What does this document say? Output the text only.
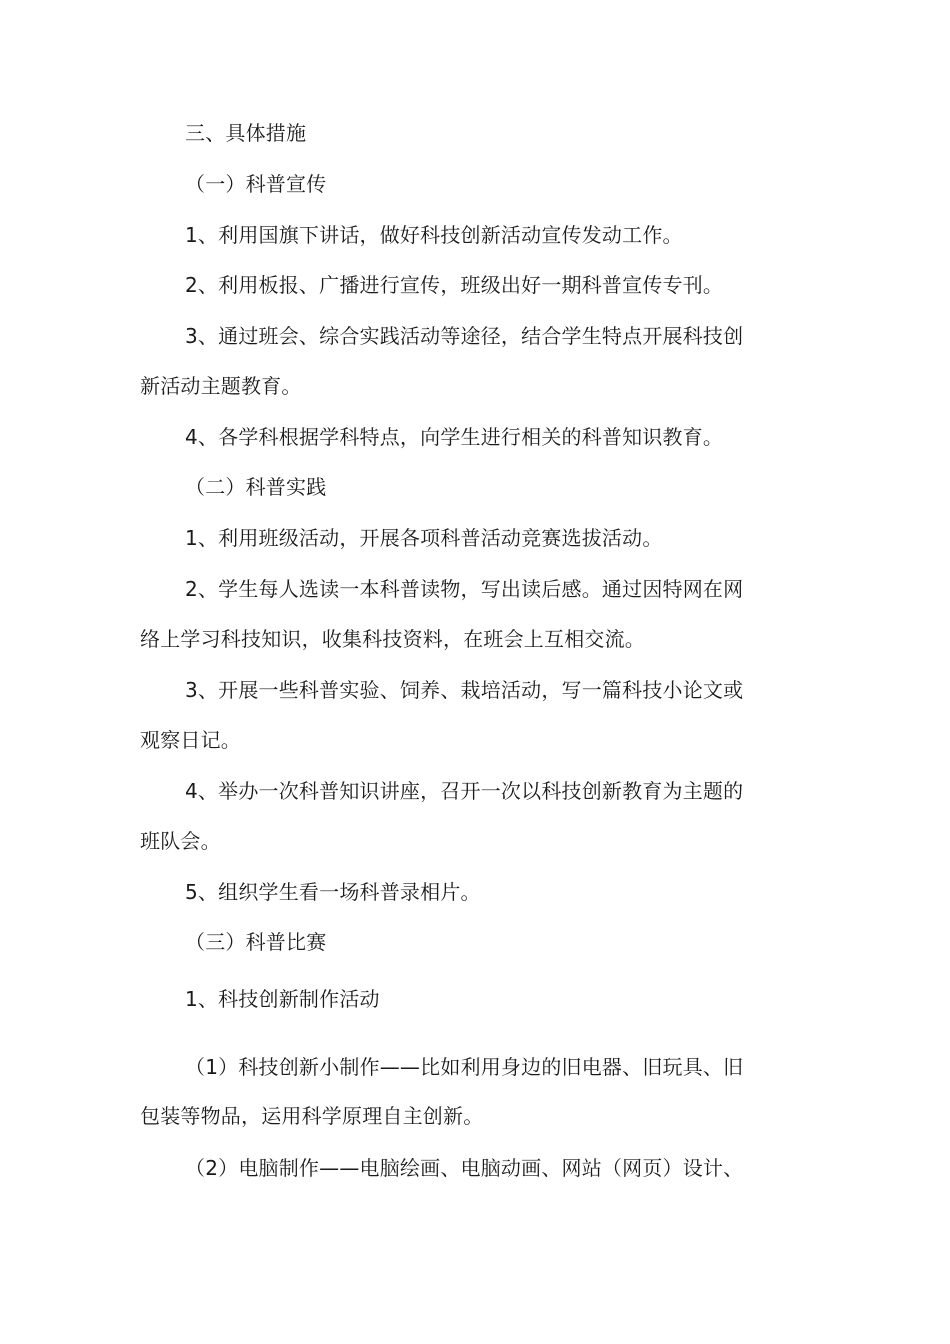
三、具体措施

（一）科普宣传

1、利用国旗下讲话，做好科技创新活动宣传发动工作。

2、利用板报、广播进行宣传，班级出好一期科普宣传专刊。

3、通过班会、综合实践活动等途径，结合学生特点开展科技创

新活动主题教育。

4、各学科根据学科特点，向学生进行相关的科普知识教育。

（二）科普实践

1、利用班级活动，开展各项科普活动竞赛选拔活动。

2、学生每人选读一本科普读物，写出读后感。通过因特网在网

络上学习科技知识，收集科技资料，在班会上互相交流。

3、开展一些科普实验、饲养、栽培活动，写一篇科技小论文或

观察日记。

4、举办一次科普知识讲座，召开一次以科技创新教育为主题的

班队会。

5、组织学生看一场科普录相片。

（三）科普比赛

1、科技创新制作活动

（1）科技创新小制作——比如利用身边的旧电器、旧玩具、旧

包装等物品，运用科学原理自主创新。

（2）电脑制作——电脑绘画、电脑动画、网站（网页）设计、
